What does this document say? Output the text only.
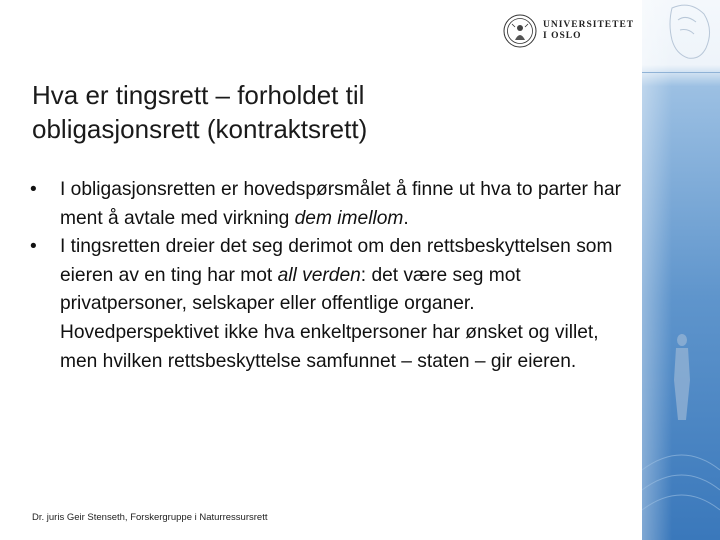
UNIVERSITETET
I OSLO
Hva er tingsrett – forholdet til
obligasjonsrett (kontraktsrett)
•	I obligasjonsretten er hovedspørsmålet å finne ut hva to parter har ment å avtale med virkning dem imellom.
•	I tingsretten dreier det seg derimot om den rettsbeskyttelsen som eieren av en ting har mot all verden: det være seg mot privatpersoner, selskaper eller offentlige organer. Hovedperspektivet ikke hva enkeltpersoner har ønsket og villet, men hvilken rettsbeskyttelse samfunnet – staten – gir eieren.
Dr. juris Geir Stenseth, Forskergruppe i Naturressursrett
